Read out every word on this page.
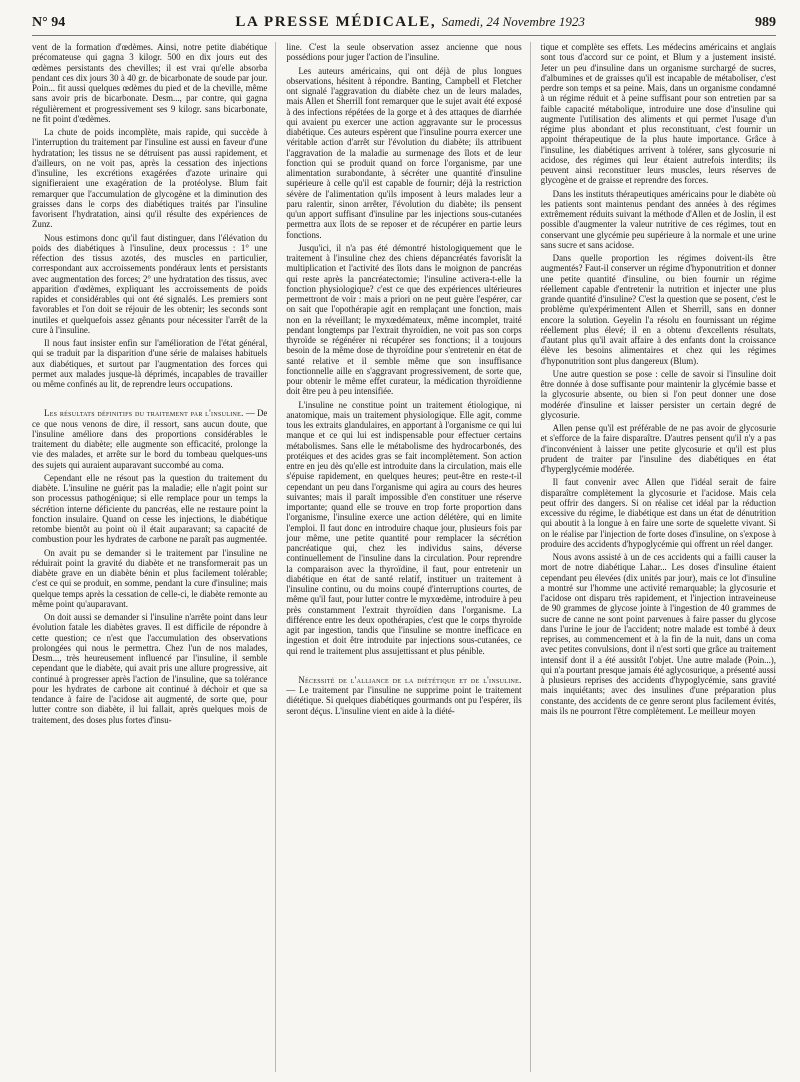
N° 94	LA PRESSE MÉDICALE, Samedi, 24 Novembre 1923	989

vent de la formation d'œdèmes. Ainsi, notre petite diabétique précomateuse qui gagna 3 kilogr. 500 en dix jours eut des œdèmes persistants des chevilles; il est vrai qu'elle absorba pendant ces dix jours 30 à 40 gr. de bicarbonate de soude par jour. Poin... fit aussi quelques œdèmes du pied et de la cheville, même sans avoir pris de bicarbonate. Desm..., par contre, qui gagna régulièrement et progressivement ses 9 kilogr. sans bicarbonate, ne fit point d'œdèmes.

La chute de poids incomplète, mais rapide, qui succède à l'interruption du traitement par l'insuline est aussi en faveur d'une hydratation; les tissus ne se détruisent pas aussi rapidement, et d'ailleurs, on ne voit pas, après la cessation des injections d'insuline, les excrétions exagérées d'azote urinaire qui signifieraient une exagération de la protéolyse. Blum fait remarquer que l'accumulation de glycogène et la diminution des graisses dans le corps des diabétiques traités par l'insuline favorisent l'hydratation, ainsi qu'il résulte des expériences de Zunz.

Nous estimons donc qu'il faut distinguer, dans l'élévation du poids des diabétiques à l'insuline, deux processus : 1° une réfection des tissus azotés, des muscles en particulier, correspondant aux accroissements pondéraux lents et persistants avec augmentation des forces; 2° une hydratation des tissus, avec apparition d'œdèmes, expliquant les accroissements de poids rapides et considérables qui ont été signalés. Les premiers sont favorables et l'on doit se réjouir de les obtenir; les seconds sont inutiles et quelquefois assez gênants pour nécessiter l'arrêt de la cure à l'insuline.

Il nous faut insister enfin sur l'amélioration de l'état général, qui se traduit par la disparition d'une série de malaises habituels aux diabétiques, et surtout par l'augmentation des forces qui permet aux malades jusque-là déprimés, incapables de travailler ou même confinés au lit, de reprendre leurs occupations.

Les résultats définitifs du traitement par l'insuline. — De ce que nous venons de dire, il ressort, sans aucun doute, que l'insuline améliore dans des proportions considérables le traitement du diabète; elle augmente son efficacité, prolonge la vie des malades, et arrête sur le bord du tombeau quelques-uns des sujets qui auraient auparavant succombé au coma.

Cependant elle ne résout pas la question du traitement du diabète. L'insuline ne guérit pas la maladie; elle n'agit point sur son processus pathogénique; si elle remplace pour un temps la sécrétion interne déficiente du pancréas, elle ne restaure point la fonction insulaire. Quand on cesse les injections, le diabétique retombe bientôt au point où il était auparavant; sa capacité de combustion pour les hydrates de carbone ne paraît pas augmentée.

On avait pu se demander si le traitement par l'insuline ne réduirait point la gravité du diabète et ne transformerait pas un diabète grave en un diabète bénin et plus facilement tolérable; c'est ce qui se produit, en somme, pendant la cure d'insuline; mais quelque temps après la cessation de celle-ci, le diabète remonte au même point qu'auparavant.

On doit aussi se demander si l'insuline n'arrête point dans leur évolution fatale les diabètes graves. Il est difficile de répondre à cette question; ce n'est que l'accumulation des observations prolongées qui nous le permettra. Chez l'un de nos malades, Desm..., très heureusement influencé par l'insuline, il semble cependant que le diabète, qui avait pris une allure progressive, ait continué à progresser après l'action de l'insuline, que sa tolérance pour les hydrates de carbone ait continué à déchoir et que sa tendance à faire de l'acidose ait augmenté, de sorte que, pour lutter contre son diabète, il lui fallait, après quelques mois de traitement, des doses plus fortes d'insu-

line. C'est la seule observation assez ancienne que nous possédions pour juger l'action de l'insuline.

Les auteurs américains, qui ont déjà de plus longues observations, hésitent à répondre. Banting, Campbell et Fletcher ont signalé l'aggravation du diabète chez un de leurs malades, mais Allen et Sherrill font remarquer que le sujet avait été exposé à des infections répétées de la gorge et à des attaques de diarrhée qui avaient pu exercer une action aggravante sur le processus diabétique. Ces auteurs espèrent que l'insuline pourra exercer une véritable action d'arrêt sur l'évolution du diabète; ils attribuent l'aggravation de la maladie au surmenage des îlots et de leur fonction qui se produit quand on force l'organisme, par une alimentation surabondante, à sécréter une quantité d'insuline supérieure à celle qu'il est capable de fournir; déjà la restriction sévère de l'alimentation qu'ils imposent à leurs malades leur a paru ralentir, sinon arrêter, l'évolution du diabète; ils pensent qu'un apport suffisant d'insuline par les injections sous-cutanées permettra aux îlots de se reposer et de récupérer en partie leurs fonctions.

Jusqu'ici, il n'a pas été démontré histologiquement que le traitement à l'insuline chez des chiens dépancréatés favorisât la multiplication et l'activité des îlots dans le moignon de pancréas qui reste après la pancréatectomie; l'insuline activera-t-elle la fonction physiologique? c'est ce que des expériences ultérieures permettront de voir : mais a priori on ne peut guère l'espérer, car on sait que l'opothérapie agit en remplaçant une fonction, mais non en la réveillant; le myxœdémateux, même incomplet, traité pendant longtemps par l'extrait thyroïdien, ne voit pas son corps thyroïde se régénérer ni récupérer ses fonctions; il a toujours besoin de la même dose de thyroïdine pour s'entretenir en état de santé relative et il semble même que son insuffisance fonctionnelle aille en s'aggravant progressivement, de sorte que, pour obtenir le même effet curateur, la médication thyroïdienne doit être peu à peu intensifiée.

L'insuline ne constitue point un traitement étiologique, ni anatomique, mais un traitement physiologique. Elle agit, comme tous les extraits glandulaires, en apportant à l'organisme ce qui lui manque et ce qui lui est indispensable pour effectuer certains métabolismes. Sans elle le métabolisme des hydrocarbonés, des protéiques et des acides gras se fait incomplètement. Son action entre en jeu dès qu'elle est introduite dans la circulation, mais elle s'épuise rapidement, en quelques heures; peut-être en reste-t-il cependant un peu dans l'organisme qui agira au cours des heures suivantes; mais il paraît impossible d'en constituer une réserve importante; quand elle se trouve en trop forte proportion dans l'organisme, l'insuline exerce une action délétère, qui en limite l'emploi. Il faut donc en introduire chaque jour, plusieurs fois par jour même, une petite quantité pour remplacer la sécrétion pancréatique qui, chez les individus sains, déverse continuellement de l'insuline dans la circulation. Pour reprendre la comparaison avec la thyroïdine, il faut, pour entretenir un diabétique en état de santé relatif, instituer un traitement à l'insuline continu, ou du moins coupé d'interruptions courtes, de même qu'il faut, pour lutter contre le myxœdème, introduire à peu près constamment l'extrait thyroïdien dans l'organisme. La différence entre les deux opothérapies, c'est que le corps thyroïde agit par ingestion, tandis que l'insuline se montre inefficace en ingestion et doit être introduite par injections sous-cutanées, ce qui rend le traitement plus assujettissant et plus pénible.

Nécessité de l'alliance de la diététique et de l'insuline. — Le traitement par l'insuline ne supprime point le traitement diététique. Si quelques diabétiques gourmands ont pu l'espérer, ils seront déçus. L'insuline vient en aide à la diété-

tique et complète ses effets. Les médecins américains et anglais sont tous d'accord sur ce point, et Blum y a justement insisté. Jeter un peu d'insuline dans un organisme surchargé de sucres, d'albumines et de graisses qu'il est incapable de métaboliser, c'est perdre son temps et sa peine. Mais, dans un organisme condamné à un régime réduit et à peine suffisant pour son entretien par sa faible capacité métabolique, introduire une dose d'insuline qui augmente l'utilisation des aliments et qui permet l'usage d'un régime plus abondant et plus reconstituant, c'est fournir un appoint thérapeutique de la plus haute importance. Grâce à l'insuline, les diabétiques arrivent à tolérer, sans glycosurie ni acidose, des régimes qui leur étaient autrefois interdits; ils peuvent ainsi reconstituer leurs muscles, leurs réserves de glycogène et de graisse et reprendre des forces.

Dans les instituts thérapeutiques américains pour le diabète où les patients sont maintenus pendant des années à des régimes extrêmement réduits suivant la méthode d'Allen et de Joslin, il est possible d'augmenter la valeur nutritive de ces régimes, tout en conservant une glycémie peu supérieure à la normale et une urine sans sucre et sans acidose.

Dans quelle proportion les régimes doivent-ils être augmentés? Faut-il conserver un régime d'hyponutrition et donner une petite quantité d'insuline, ou bien fournir un régime réellement capable d'entretenir la nutrition et injecter une plus grande quantité d'insuline? C'est la question que se posent, c'est le problème qu'expérimentent Allen et Sherrill, sans en donner encore la solution. Geyelin l'a résolu en fournissant un régime réellement plus élevé; il en a obtenu d'excellents résultats, d'autant plus qu'il avait affaire à des enfants dont la croissance élève les besoins alimentaires et chez qui les régimes d'hyponutrition sont plus dangereux (Blum).

Une autre question se pose : celle de savoir si l'insuline doit être donnée à dose suffisante pour maintenir la glycémie basse et la glycosurie absente, ou bien si l'on peut donner une dose modérée d'insuline et laisser persister un certain degré de glycosurie.

Allen pense qu'il est préférable de ne pas avoir de glycosurie et s'efforce de la faire disparaître. D'autres pensent qu'il n'y a pas d'inconvénient à laisser une petite glycosurie et qu'il est plus prudent de traiter par l'insuline des diabétiques en état d'hyperglycémie modérée.

Il faut convenir avec Allen que l'idéal serait de faire disparaître complètement la glycosurie et l'acidose. Mais cela peut offrir des dangers. Si on réalise cet idéal par la réduction excessive du régime, le diabétique est dans un état de dénutrition qui aboutit à la longue à en faire une sorte de squelette vivant. Si on le réalise par l'injection de forte doses d'insuline, on s'expose à produire des accidents d'hypoglycémie qui offrent un réel danger.

Nous avons assisté à un de ces accidents qui a failli causer la mort de notre diabétique Lahar... Les doses d'insuline étaient cependant peu élevées (dix unités par jour), mais ce lot d'insuline a montré sur l'homme une activité remarquable; la glycosurie et l'acidose ont disparu très rapidement, et l'injection intraveineuse de 90 grammes de glycose jointe à l'ingestion de 40 grammes de sucre de canne ne sont point parvenues à faire passer du glycose dans l'urine le jour de l'accident; notre malade est tombé à deux reprises, au commencement et à la fin de la nuit, dans un coma avec petites convulsions, dont il n'est sorti que grâce au traitement intensif dont il a été aussitôt l'objet. Une autre malade (Poin...), qui n'a pourtant presque jamais été aglycosurique, a présenté aussi à plusieurs reprises des accidents d'hypoglycémie, sans gravité mais inquiétants; avec des insulines d'une préparation plus constante, des accidents de ce genre seront plus facilement évités, mais ils ne pourront l'être complètement. Le meilleur moyen
